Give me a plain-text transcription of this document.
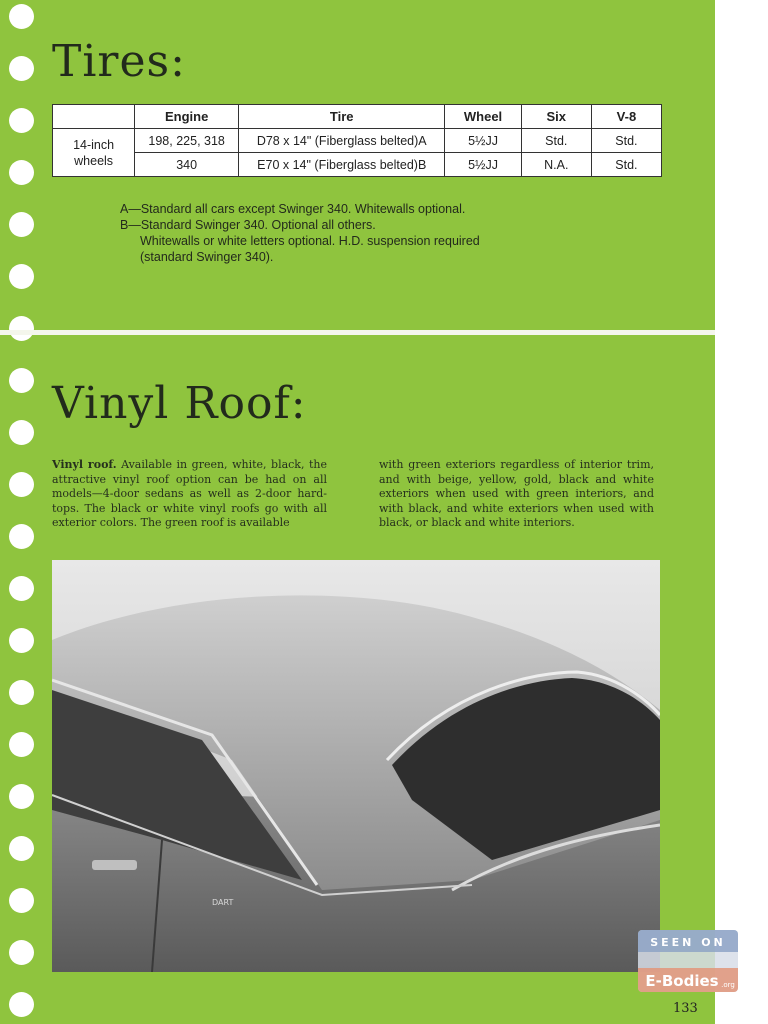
Tires:
	Engine	Tire	Wheel	Six	V-8
14-inch
wheels	198, 225, 318	D78 x 14" (Fiberglass belted)A	5½JJ	Std.	Std.
	340	E70 x 14" (Fiberglass belted)B	5½JJ	N.A.	Std.
A—Standard all cars except Swinger 340. Whitewalls optional.
B—Standard Swinger 340. Optional all others.
Whitewalls or white letters optional. H.D. suspension required
(standard Swinger 340).
Vinyl Roof:

Vinyl roof. Available in green, white, black, the attractive vinyl roof option can be had on all models—4-door sedans as well as 2-door hard-tops. The black or white vinyl roofs go with all exterior colors. The green roof is available

with green exteriors regardless of interior trim, and with beige, yellow, gold, black and white exteriors when used with green interiors, and with black, and white exteriors when used with black, or black and white interiors.

DART
133
SEEN ON
E-Bodies .org
